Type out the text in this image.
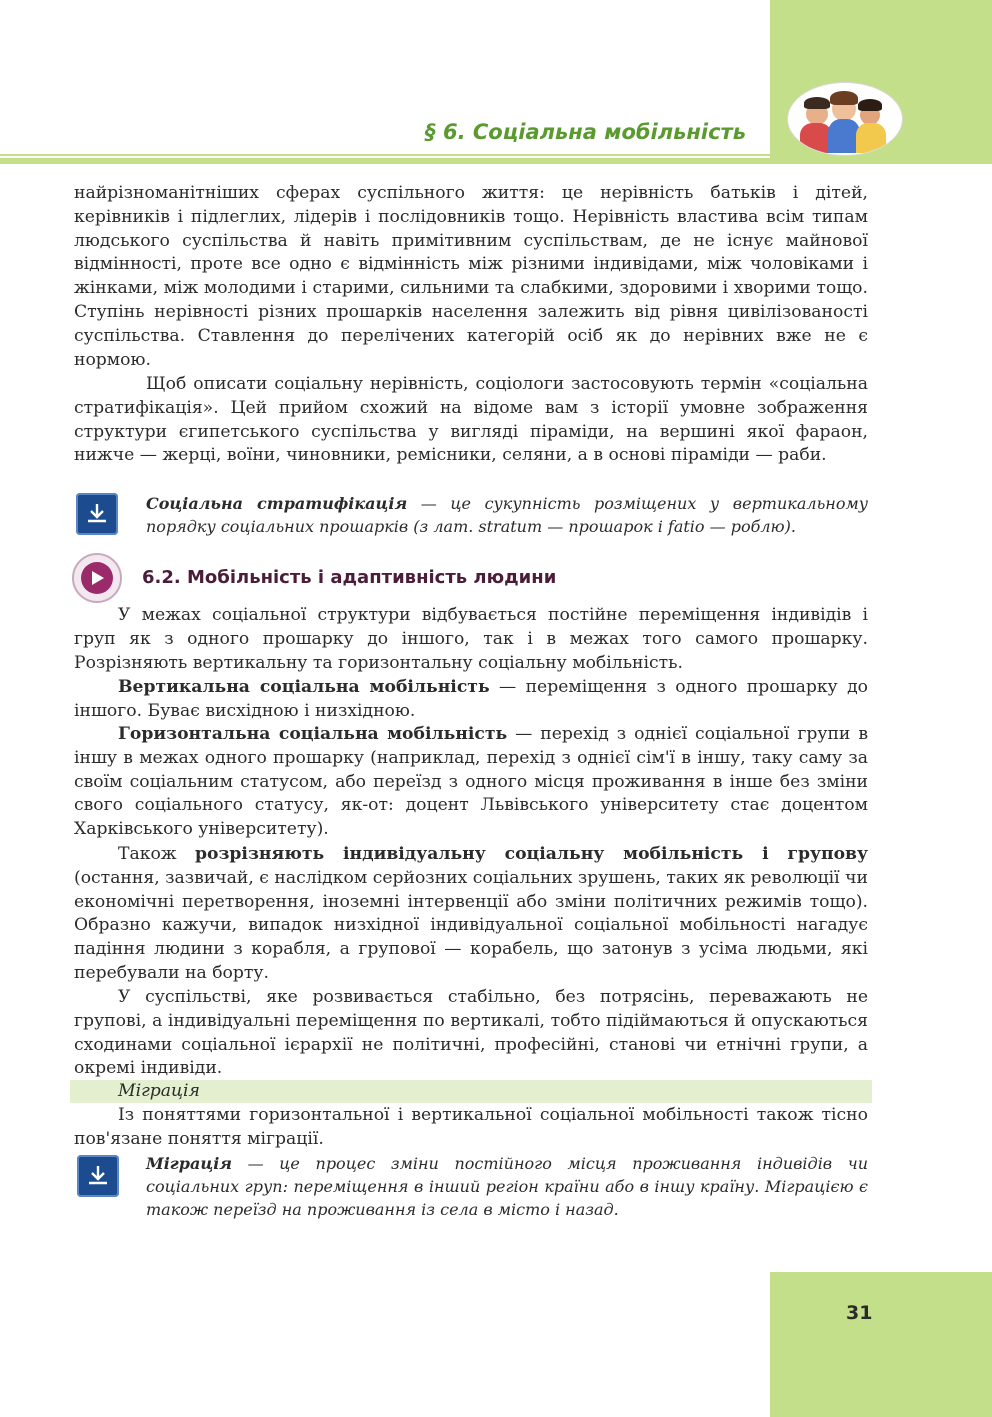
§ 6. Соціальна мобільність

найрізноманітніших сферах суспільного життя: це нерівність батьків і дітей, керівників і підлеглих, лідерів і послідовників тощо. Нерівність властива всім типам людського суспільства й навіть примітивним суспільствам, де не існує майнової відмінності, проте все одно є відмінність між різними індивідами, між чоловіками і жінками, між молодими і старими, сильними та слабкими, здоровими і хворими тощо. Ступінь нерівності різних прошарків населення залежить від рівня цивілізованості суспільства. Ставлення до перелічених категорій осіб як до нерівних вже не є нормою.

Щоб описати соціальну нерівність, соціологи застосовують термін «соціальна стратифікація». Цей прийом схожий на відоме вам з історії умовне зображення структури єгипетського суспільства у вигляді піраміди, на вершині якої фараон, нижче — жерці, воїни, чиновники, ремісники, селяни, а в основі піраміди — раби.

Соціальна стратифікація — це сукупність розміщених у вертикальному порядку соціальних прошарків (з лат. stratum — прошарок і fatio — роблю).

6.2. Мобільність і адаптивність людини

У межах соціальної структури відбувається постійне переміщення індивідів і груп як з одного прошарку до іншого, так і в межах того самого прошарку. Розрізняють вертикальну та горизонтальну соціальну мобільність.

Вертикальна соціальна мобільність — переміщення з одного прошарку до іншого. Буває висхідною і низхідною.

Горизонтальна соціальна мобільність — перехід з однієї соціальної групи в іншу в межах одного прошарку (наприклад, перехід з однієї сім'ї в іншу, таку саму за своїм соціальним статусом, або переїзд з одного місця проживання в інше без зміни свого соціального статусу, як-от: доцент Львівського університету стає доцентом Харківського університету).

Також розрізняють індивідуальну соціальну мобільність і групову (остання, зазвичай, є наслідком серйозних соціальних зрушень, таких як революції чи економічні перетворення, іноземні інтервенції або зміни політичних режимів тощо). Образно кажучи, випадок низхідної індивідуальної соціальної мобільності нагадує падіння людини з корабля, а групової — корабель, що затонув з усіма людьми, які перебували на борту.

У суспільстві, яке розвивається стабільно, без потрясінь, переважають не групові, а індивідуальні переміщення по вертикалі, тобто підіймаються й опускаються сходинами соціальної ієрархії не політичні, професійні, станові чи етнічні групи, а окремі індивіди.

Міграція

Із поняттями горизонтальної і вертикальної соціальної мобільності також тісно пов'язане поняття міграції.

Міграція — це процес зміни постійного місця проживання індивідів чи соціальних груп: переміщення в інший регіон країни або в іншу країну. Міграцією є також переїзд на проживання із села в місто і назад.

31
